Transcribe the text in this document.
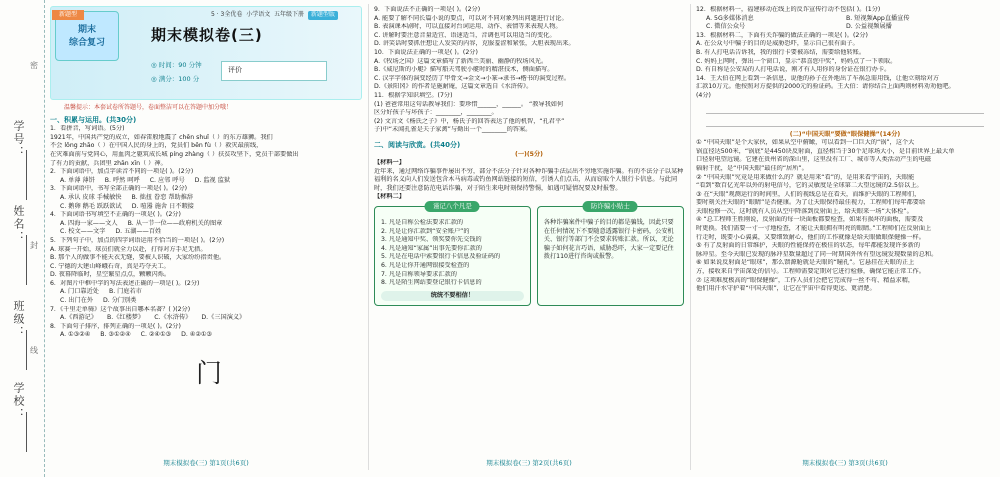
学号：
姓名：
班级：
学校：
密
封
线
新题型
期末
综合复习
5 · 3全优卷 小学语文 五年级下册 新题型版
期末模拟卷(三)
◎ 时间：90 分钟
◎ 满分：100 分
评价
温馨提示：本套试卷所答题号，卷面整洁可以在答题中加分哦！
一、积累与运用。(共30分)

1．看拼音，写词语。(5分)

1921年，中国共产党的成立，如春雷般地震了 chēn shuǐ（ ）的东方雄狮。我们

不会 lǒng zhāo（ ）在中国人民的身上的，党员们 bēn fù（ ）救灾最前线，

在灾难面前与党同心，用血肉之躯筑成长城 píng zhàng（ ）扶贫攻坚下，党员干部要做出

了有力的贡献，兵团里 zhān xīn（ ）神。

2．下面词语中，加点字读音不同的一项是( )。(2分)

A. 单薄 薄饼 B. 呼然 呵呼 C. 应邻 呼号 D. 监视 监狱

3．下面词语中，书写全部正确的一项是( )。(2分)

A. 承认 皮球 手械敏快 B. 拙扭 眷恋 帮助推辞
C. 鹅卵 鹅毛 跃跃欲试 D. 喧嚣 施舍 日不暇接

4．下面词语书写填空不正确的一项是( )。(2分)

A. 四海一家——文人 B. 从一节一位——政府机关的图章
C. 校文——文字 D. 五湖——百姓

5．下列句子中，加点的四字词语运用不恰当的一项是( )。(2分)

A. 球赛一开始，球员们就全力以赴，打得对方手足无措。

B. 那个人的做事不能天衣无缝，要被人识破，大家纷纷指责他。

C. 宁德的大建山峰峨石奇，真是巧夺天工。

D. 夜幕降临时，星空繁星点点，颗颗闪烁。

6．对图片中框中字的写法表述正确的一项是( )。(2分)

A. 门口靠近处 B. 门庭若市
C. 出门在外 D. 分门别类

7．《千里走单骑》这个故事出自哪本名著？( )(2分)

A.《西游记》 B.《红楼梦》 C.《水浒传》 D.《三国演义》

8．下面句子排序，排列正确的一项是( )。(2分)

A. ①③②④ B. ③①②④ C. ②④①③ D. ④②①③
门

9．下面说法不正确的一项是( )。(2分)

A. 能要了解不同长篇小说的要点，可以对不同对象列出问题进行讨论。

B. 表演课本剧时，可以直接对台词运用、动作、表情等来表现人物。

C. 讲解时要注意音量适宜、语速适当，音调也可以用适当的变化。

D. 讲笑话时要抓住想让人发笑的内容，克服羞涩和紧张，大胆表现出来。

10．下面说法正确的一项是( )。(2分)

A.《牧场之国》这篇文章描写了新西兰美丽、幽静的牧场风光。

B.《威尼斯的小艇》描写船夫驾驶小艇时的精湛技术，侧面描写。

C. 汉字字体的演变经历了甲骨文→金文→小篆→隶书→楷书的演变过程。

D.《景阳冈》的作者是施耐庵，这篇文章选自《水浒传》。

11．根据学知识填空。(7分)

(1) 爸爸常用这句话教导我们：要珍惜______，______。 “教导我如何

区分好孩子与坏孩子：________，________。

(2) 文言文《杨氏之子》中，杨氏子的回答表达了他的机智，“孔君平”

子)中“未闻孔雀是夫子家禽”与勤出一个________的答案。

二、阅读与欣赏。(共40分)
(一)(5分)

【材料一】

近年来，通过网络诈骗事件屡出不穷，部分不法分子针对各种诈骗手法层出不穷地实施诈骗。有的不法分子以某种福利的名义向人们发送包含木马病毒或钓鱼网站链接的短信，引诱人们点击，从而窃取个人银行卡信息。与此同时，我们还要注意防范电话诈骗，对于陌生来电时刻保持警惕，如遇可疑情况要及时报警。

【材料二】

谨记八个凡是

1. 凡是自称公检法要求汇款的

2. 凡是让你汇款到“安全账户”的

3. 凡是通知中奖、领奖要你先交钱的

4. 凡是通知“家属”出事先要你汇款的

5. 凡是在电话中索要银行卡信息及验证码的

6. 凡是让你开通网银接受检查的

7. 凡是自称领导要求汇款的

8. 凡是陌生网站要登记银行卡信息的

统统不要相信！
防诈骗小贴士

各种诈骗案件中骗子的目的都是骗钱，因此只要在任何情况下不要随意透露银行卡密码，公安机关、银行等部门不会要求转账汇款。所以，无论骗子如何花言巧语，威胁恐吓，大家一定要记住拨打110进行咨询或报警。

12．根据材料一，福建移动在线上的反诈宣传行动不包括( )。(1分)

A. 5G多媒体消息	B. 短视频App直播宣传
C. 微信公众号	D. 公益视频展播

13．根据材料二，下面有关诈骗的做法正确的一项是( )。(2分)

A. 在公众号中骗子的目的是威胁恐吓，显示自己很有面子。

B. 有人打电话告诉我，我的银行卡要被冻结，需要给他转账。

C. 妈妈上网时，弹出一个窗口，显示“恭喜您中奖”，妈妈点了一下领取。

D. 有自称是公安局的人打电话说，刚才有人用你的身份证在银行办卡。

14．王大伯在网上看到一条信息，说他的孙子在外地出了车祸急需用钱，让他立刻给对方

汇款10万元。他按照对方提供的2000元的验证码。王大伯：请你结合上面两则材料劝劝他吧。

(4分)

(二)“中国天眼”要做“眼保健操”(14分)

① “中国天眼”是个大家伙，如果从空中俯瞰，可以看到一口巨大的“锅”，这个大

锅直径达500米，“锅底”是4450块反射面，直径相当于30个足球场大小，是目前世界上最大单

口径射电望远镜。它建在贵州省的深山里，这里没有工厂、城市等人类活动产生的电磁

辐射干扰，是“中国天眼”最佳的“居所”。

② “中国天眼”究竟是用来做什么的？就是用来“看”的，是用来看宇宙的，天眼能

“看到”数百亿光年以外的射电信号，它的灵敏度是全球第二大望远镜的2.5倍以上。

③ 在“天眼”观测运行的时间里，人们的视线总是在看天，而维护天眼的工程师们，

要时刻关注天眼的“眼睛”是否健康。为了让天眼保持最佳视力，工程师们每年都要给

天眼检修一次，这时就有人员从空中降落到反射面上，给天眼来一场“大体检”。

④ “总工程师王胜刚说，反射面的每一块面板都要检查，如果有损坏的面板，需要及

时更换。我们需要一寸一寸地检查，才能让天眼拥有明亮的眼睛。”工程师们在反射面上

行走时，既要小心翼翼，又要细致耐心，他们的工作就像是给天眼做眼保健操一样。

⑤ 有了反射面的日常维护，天眼的性能保持在极佳的状态，每年都能发现许多新的

脉冲星。至今天眼已发现的脉冲星数量超过了同一时期国外所有望远镜发现数量的总和。

⑥ 如果说反射面是“眼球”，那么馈源舱就是天眼的“瞳孔”。它悬挂在天眼的正上

方，接收来自宇宙深处的信号。工程师需要定期对它进行检修，确保它能正常工作。

⑦ 这项难度极高的“眼保健操”，工作人员们会把它完成得一丝不苟、精益求精，

他们用汗水守护着“中国天眼”，让它在宇宙中看得更远、更清楚。

期末模拟卷(三) 第1页(共6页)	期末模拟卷(三) 第2页(共6页)	期末模拟卷(三) 第3页(共6页)
